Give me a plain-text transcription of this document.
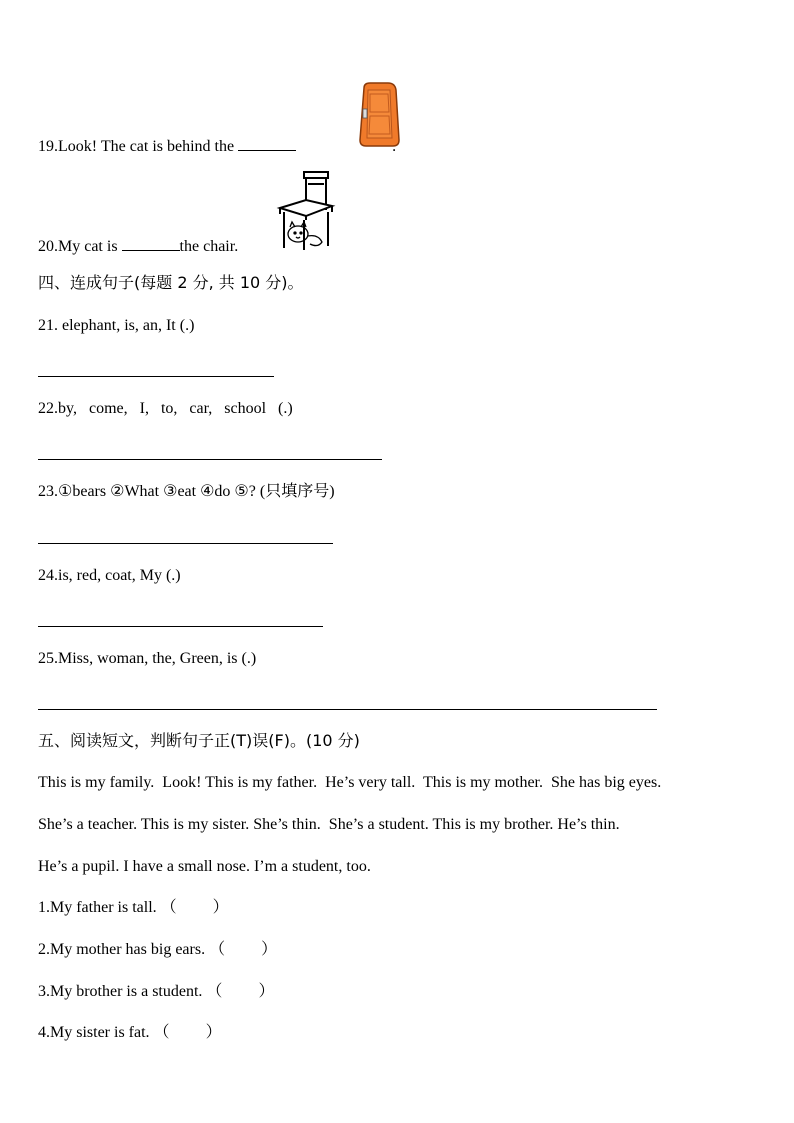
19.Look! The cat is behind the	.
20.My cat is	the chair.
四、连成句子(每题 2 分, 共 10 分)。
21. elephant, is, an, It (.)
22.by,   come,   I,   to,   car,   school   (.)
23.①bears ②What ③eat ④do ⑤? (只填序号)
24.is, red, coat, My (.)
25.Miss, woman, the, Green, is (.)
五、阅读短文，判断句子正(T)误(F)。(10 分)
This is my family.  Look! This is my father.  He’s very tall.  This is my mother.  She has big eyes.
She’s a teacher. This is my sister. She’s thin.  She’s a student. This is my brother. He’s thin.
He’s a pupil. I have a small nose. I’m a student, too.
1.My father is tall. （ ）
2.My mother has big ears. （ ）
3.My brother is a student. （ ）
4.My sister is fat. （ ）
